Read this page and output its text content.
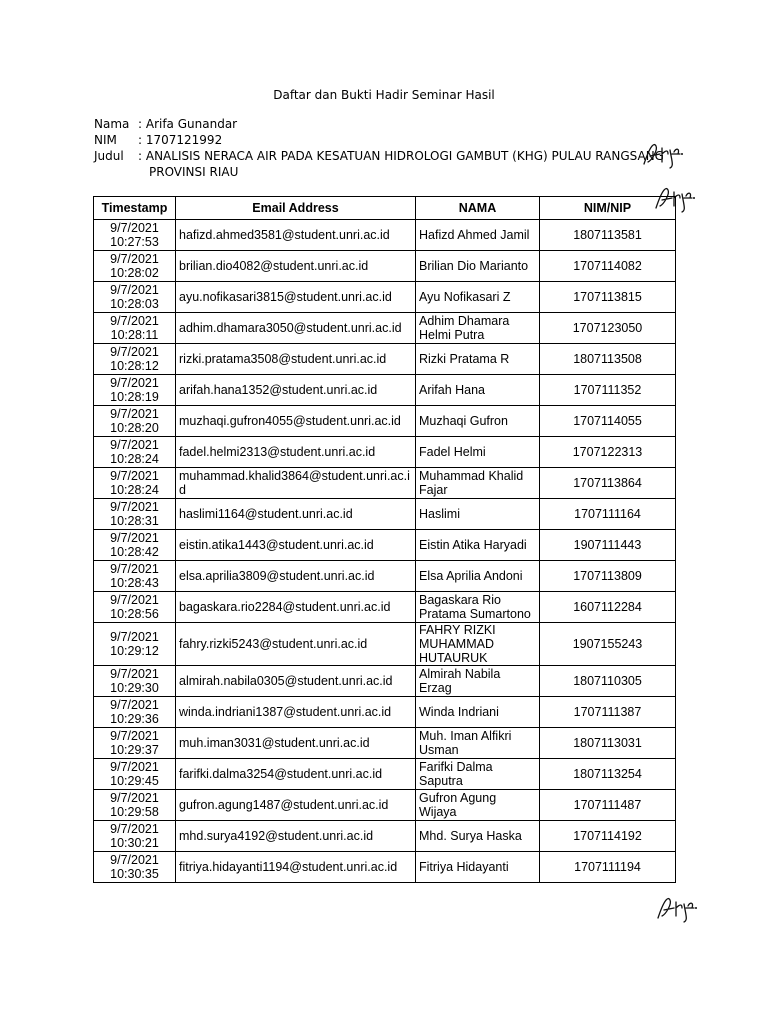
Daftar dan Bukti Hadir Seminar Hasil
Nama : Arifa Gunandar
NIM : 1707121992
Judul : ANALISIS NERACA AIR PADA KESATUAN HIDROLOGI GAMBUT (KHG) PULAU RANGSANG
PROVINSI RIAU
Timestamp	Email Address	NAMA	NIM/NIP

9/7/2021
10:27:53	hafizd.ahmed3581@student.unri.ac.id	Hafizd Ahmed Jamil	1807113581

9/7/2021
10:28:02	brilian.dio4082@student.unri.ac.id	Brilian Dio Marianto	1707114082

9/7/2021
10:28:03	ayu.nofikasari3815@student.unri.ac.id	Ayu Nofikasari Z	1707113815

9/7/2021
10:28:11	adhim.dhamara3050@student.unri.ac.id	Adhim Dhamara Helmi Putra	1707123050

9/7/2021
10:28:12	rizki.pratama3508@student.unri.ac.id	Rizki Pratama R	1807113508

9/7/2021
10:28:19	arifah.hana1352@student.unri.ac.id	Arifah Hana	1707111352

9/7/2021
10:28:20	muzhaqi.gufron4055@student.unri.ac.id	Muzhaqi Gufron	1707114055

9/7/2021
10:28:24	fadel.helmi2313@student.unri.ac.id	Fadel Helmi	1707122313

9/7/2021
10:28:24	muhammad.khalid3864@student.unri.ac.id	Muhammad Khalid Fajar	1707113864

9/7/2021
10:28:31	haslimi1164@student.unri.ac.id	Haslimi	1707111164

9/7/2021
10:28:42	eistin.atika1443@student.unri.ac.id	Eistin Atika Haryadi	1907111443

9/7/2021
10:28:43	elsa.aprilia3809@student.unri.ac.id	Elsa Aprilia Andoni	1707113809

9/7/2021
10:28:56	bagaskara.rio2284@student.unri.ac.id	Bagaskara Rio Pratama Sumartono	1607112284

9/7/2021
10:29:12	fahry.rizki5243@student.unri.ac.id	FAHRY RIZKI MUHAMMAD HUTAURUK	1907155243

9/7/2021
10:29:30	almirah.nabila0305@student.unri.ac.id	Almirah Nabila Erzag	1807110305

9/7/2021
10:29:36	winda.indriani1387@student.unri.ac.id	Winda Indriani	1707111387

9/7/2021
10:29:37	muh.iman3031@student.unri.ac.id	Muh. Iman Alfikri Usman	1807113031

9/7/2021
10:29:45	farifki.dalma3254@student.unri.ac.id	Farifki Dalma Saputra	1807113254

9/7/2021
10:29:58	gufron.agung1487@student.unri.ac.id	Gufron Agung Wijaya	1707111487

9/7/2021
10:30:21	mhd.surya4192@student.unri.ac.id	Mhd. Surya Haska	1707114192

9/7/2021
10:30:35	fitriya.hidayanti1194@student.unri.ac.id	Fitriya Hidayanti	1707111194
